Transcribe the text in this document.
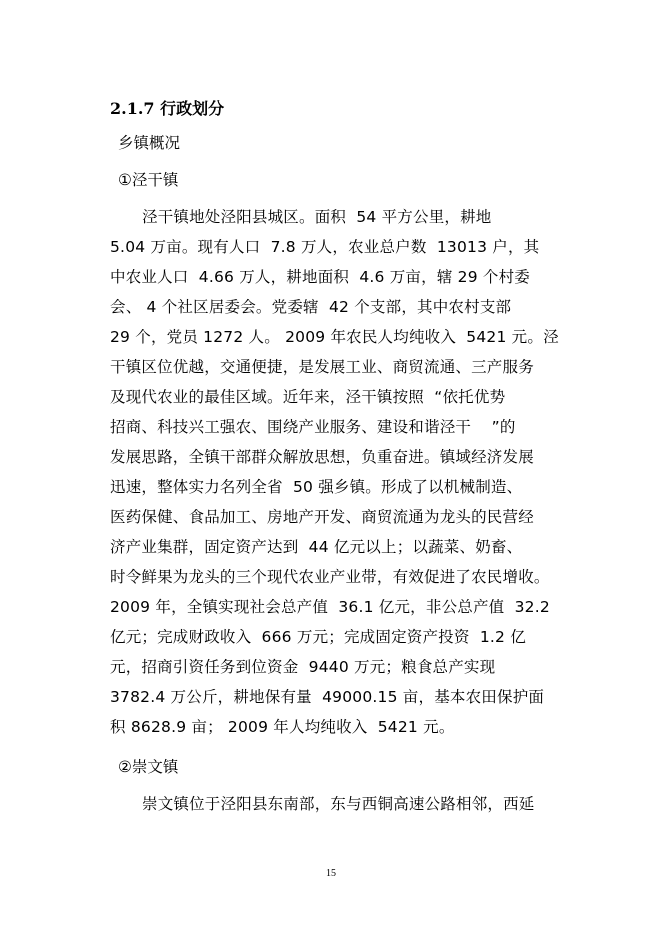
2.1.7 行政划分
乡镇概况
①泾干镇
泾干镇地处泾阳县城区。面积  54 平方公里，耕地
5.04 万亩。现有人口  7.8 万人，农业总户数  13013 户，其
中农业人口  4.66 万人，耕地面积  4.6 万亩，辖 29 个村委
会、 4 个社区居委会。党委辖  42 个支部，其中农村支部
29 个，党员 1272 人。 2009 年农民人均纯收入  5421 元。泾
干镇区位优越，交通便捷，是发展工业、商贸流通、三产服务
及现代农业的最佳区域。近年来，泾干镇按照  “依托优势
招商、科技兴工强农、围绕产业服务、建设和谐泾干    ”的
发展思路，全镇干部群众解放思想，负重奋进。镇域经济发展
迅速，整体实力名列全省  50 强乡镇。形成了以机械制造、
医药保健、食品加工、房地产开发、商贸流通为龙头的民营经
济产业集群，固定资产达到  44 亿元以上；以蔬菜、奶畜、
时令鲜果为龙头的三个现代农业产业带，有效促进了农民增收。
2009 年，全镇实现社会总产值  36.1 亿元，非公总产值  32.2
亿元；完成财政收入  666 万元；完成固定资产投资  1.2 亿
元，招商引资任务到位资金  9440 万元；粮食总产实现
3782.4 万公斤，耕地保有量  49000.15 亩，基本农田保护面
积 8628.9 亩； 2009 年人均纯收入  5421 元。
②崇文镇
崇文镇位于泾阳县东南部，东与西铜高速公路相邻，西延
15
